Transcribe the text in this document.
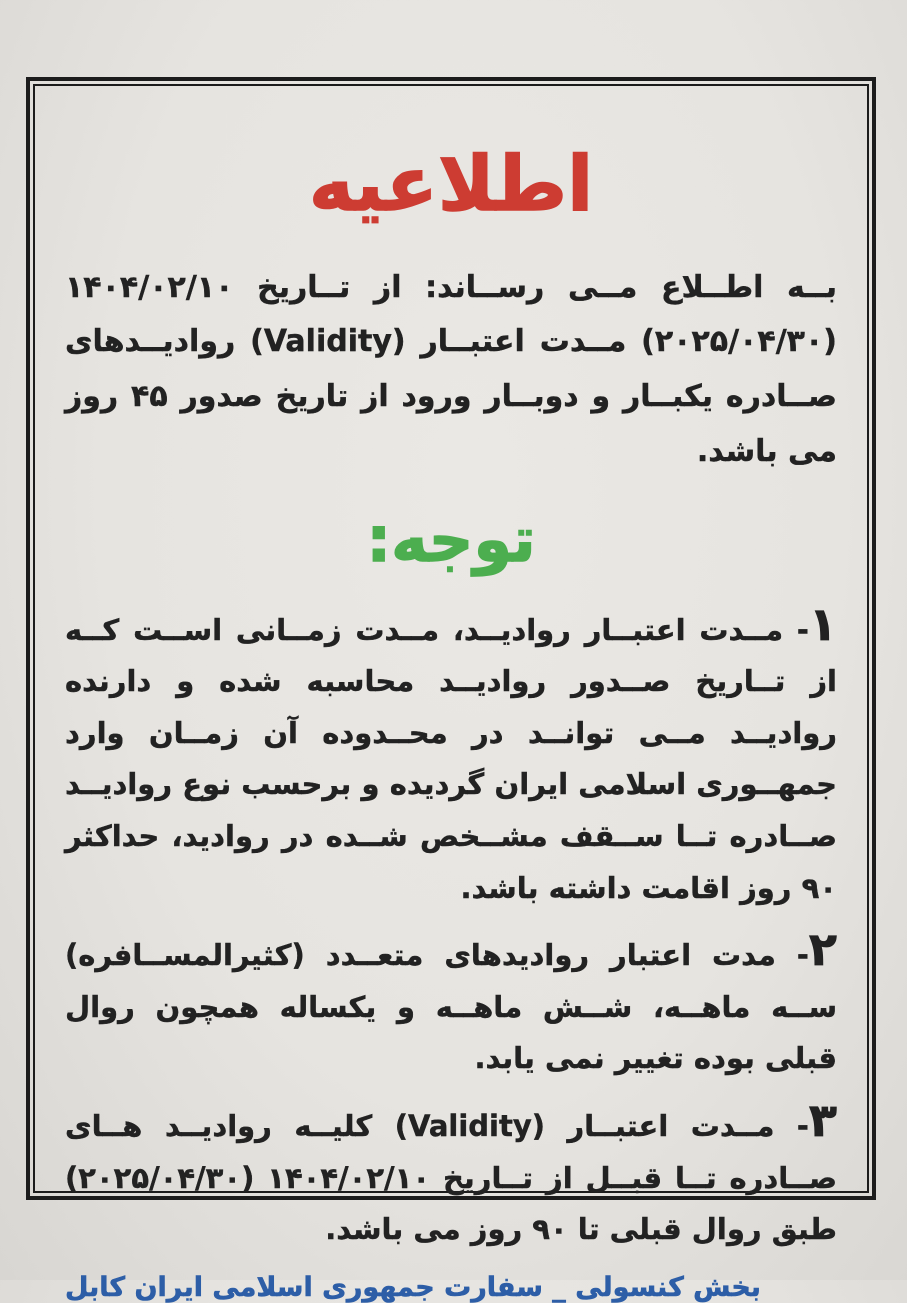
اطلاعیه

بــه اطــلاع مــی رســاند: از تــاریخ ۱۴۰۴/۰۲/۱۰ (۲۰۲۵/۰۴/۳۰) مــدت اعتبــار (Validity) روادیــدهای صــادره یکبــار و دوبــار ورود از تاریخ صدور ۴۵ روز می باشد.

توجه:

۱- مــدت اعتبــار روادیــد، مــدت زمــانی اســت کــه از تــاریخ صــدور روادیــد محاسبه شده و دارنده روادیــد مــی توانــد در محــدوده آن زمــان وارد جمهــوری اسلامی ایران گردیده و برحسب نوع روادیــد صــادره تــا ســقف مشــخص شــده در روادید، حداکثر ۹۰ روز اقامت داشته باشد.

۲- مدت اعتبار روادیدهای متعــدد (کثیرالمســافره) ســه ماهــه، شــش ماهــه و یکساله همچون روال قبلی بوده تغییر نمی یابد.

۳- مــدت اعتبــار (Validity) کلیــه روادیــد هــای صــادره تــا قبــل از تــاریخ ۱۴۰۴/۰۲/۱۰ (۲۰۲۵/۰۴/۳۰) طبق روال قبلی تا ۹۰ روز می باشد.

بخش کنسولی _ سفارت جمهوری اسلامی ایران کابل
